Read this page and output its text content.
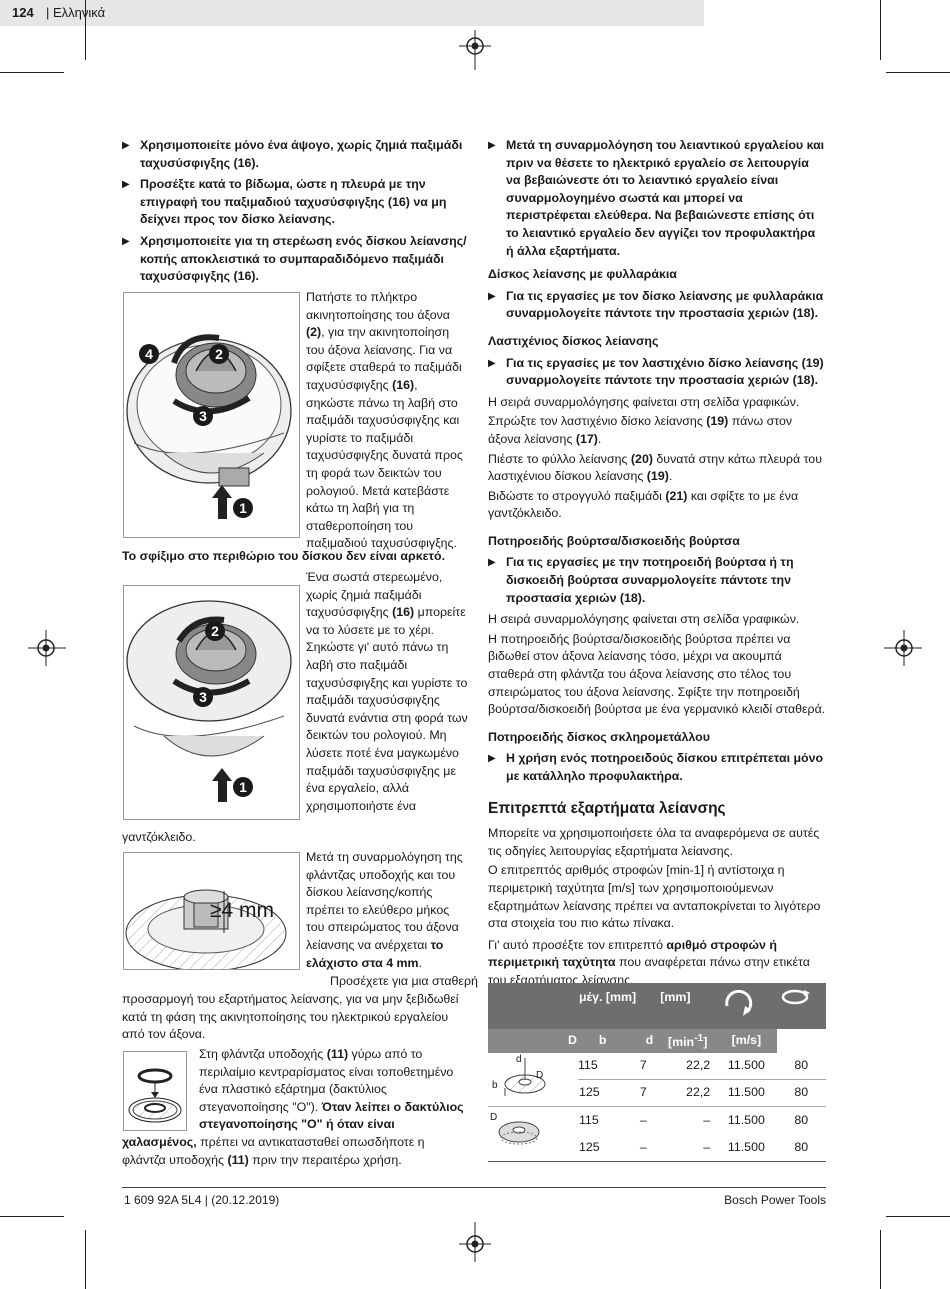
124 | Ελληνικά
▶ Χρησιμοποιείτε μόνο ένα άψογο, χωρίς ζημιά παξιμάδι ταχυσύσφιγξης (16).
▶ Προσέξτε κατά το βίδωμα, ώστε η πλευρά με την επιγραφή του παξιμαδιού ταχυσύσφιγξης (16) να μη δείχνει προς τον δίσκο λείανσης.
▶ Χρησιμοποιείτε για τη στερέωση ενός δίσκου λείανσης/κοπής αποκλειστικά το συμπαραδιδόμενο παξιμάδι ταχυσύσφιγξης (16).
4	2
3
1
Πατήστε το πλήκτρο ακινητοποίησης του άξονα (2), για την ακινητοποίηση του άξονα λείανσης. Για να σφίξετε σταθερά το παξιμάδι ταχυσύσφιγξης (16), σηκώστε πάνω τη λαβή στο παξιμάδι ταχυσύσφιγξης και γυρίστε το παξιμάδι ταχυσύσφιγξης δυνατά προς τη φορά των δεικτών του ρολογιού. Μετά κατεβάστε κάτω τη λαβή για τη σταθεροποίηση του παξιμαδιού ταχυσύσφιγξης.
Το σφίξιμο στο περιθώριο του δίσκου δεν είναι αρκετό.
2
3
1
Ένα σωστά στερεωμένο, χωρίς ζημιά παξιμάδι ταχυσύσφιγξης (16) μπορείτε να το λύσετε με το χέρι. Σηκώστε γι' αυτό πάνω τη λαβή στο παξιμάδι ταχυσύσφιγξης και γυρίστε το παξιμάδι ταχυσύσφιγξης δυνατά ενάντια στη φορά των δεικτών του ρολογιού. Μη λύσετε ποτέ ένα μαγκωμένο παξιμάδι ταχυσύσφιγξης με ένα εργαλείο, αλλά χρησιμοποιήστε ένα
γαντζόκλειδο.
≥4 mm
Μετά τη συναρμολόγηση της φλάντζας υποδοχής και του δίσκου λείανσης/κοπής πρέπει το ελεύθερο μήκος του σπειρώματος του άξονα λείανσης να ανέρχεται το ελάχιστο στα 4 mm.
Προσέχετε για μια σταθερή
προσαρμογή του εξαρτήματος λείανσης, για να μην ξεβιδωθεί κατά τη φάση της ακινητοποίησης του ηλεκτρικού εργαλείου από τον άξονα.
Στη φλάντζα υποδοχής (11) γύρω από το περιλαίμιο κεντραρίσματος είναι τοποθετημένο ένα πλαστικό εξάρτημα (δακτύλιος στεγανοποίησης "O"). Όταν λείπει ο δακτύλιος στεγανοποίησης "O" ή όταν είναι
χαλασμένος, πρέπει να αντικατασταθεί οπωσδήποτε η φλάντζα υποδοχής (11) πριν την περαιτέρω χρήση.
▶ Μετά τη συναρμολόγηση του λειαντικού εργαλείου και πριν να θέσετε το ηλεκτρικό εργαλείο σε λειτουργία να βεβαιώνεστε ότι το λειαντικό εργαλείο είναι συναρμολογημένο σωστά και μπορεί να περιστρέφεται ελεύθερα. Να βεβαιώνεστε επίσης ότι το λειαντικό εργαλείο δεν αγγίζει τον προφυλακτήρα ή άλλα εξαρτήματα.
Δίσκος λείανσης με φυλλαράκια
▶ Για τις εργασίες με τον δίσκο λείανσης με φυλλαράκια συναρμολογείτε πάντοτε την προστασία χεριών (18).
Λαστιχένιος δίσκος λείανσης
▶ Για τις εργασίες με τον λαστιχένιο δίσκο λείανσης (19) συναρμολογείτε πάντοτε την προστασία χεριών (18).

Η σειρά συναρμολόγησης φαίνεται στη σελίδα γραφικών.

Σπρώξτε τον λαστιχένιο δίσκο λείανσης (19) πάνω στον άξονα λείανσης (17).

Πιέστε το φύλλο λείανσης (20) δυνατά στην κάτω πλευρά του λαστιχένιου δίσκου λείανσης (19).

Βιδώστε το στρογγυλό παξιμάδι (21) και σφίξτε το με ένα γαντζόκλειδο.

Ποτηροειδής βούρτσα/δισκοειδής βούρτσα
▶ Για τις εργασίες με την ποτηροειδή βούρτσα ή τη δισκοειδή βούρτσα συναρμολογείτε πάντοτε την προστασία χεριών (18).

Η σειρά συναρμολόγησης φαίνεται στη σελίδα γραφικών.

Η ποτηροειδής βούρτσα/δισκοειδής βούρτσα πρέπει να βιδωθεί στον άξονα λείανσης τόσο, μέχρι να ακουμπά σταθερά στη φλάντζα του άξονα λείανσης στο τέλος του σπειρώματος του άξονα λείανσης. Σφίξτε την ποτηροειδή βούρτσα/δισκοειδή βούρτσα με ένα γερμανικό κλειδί σταθερά.

Ποτηροειδής δίσκος σκληρομετάλλου
▶ Η χρήση ενός ποτηροειδούς δίσκου επιτρέπεται μόνο με κατάλληλο προφυλακτήρα.
Επιτρεπτά εξαρτήματα λείανσης

Μπορείτε να χρησιμοποιήσετε όλα τα αναφερόμενα σε αυτές τις οδηγίες λειτουργίας εξαρτήματα λείανσης.

Ο επιτρεπτός αριθμός στροφών [min-1] ή αντίστοιχα η περιμετρική ταχύτητα [m/s] των χρησιμοποιούμενων εξαρτημάτων λείανσης πρέπει να ανταποκρίνεται το λιγότερο στα στοιχεία του πιο κάτω πίνακα.

Γι' αυτό προσέξτε τον επιτρεπτό αριθμό στροφών ή περιμετρική ταχύτητα που αναφέρεται πάνω στην ετικέτα του εξαρτήματος λείανσης.

	μέγ. [mm]		[mm]		
D	b	d	$[\min^{-1}]$	[m/s]	

d
b
D	115	7	22,2	11.500	80
	125	7	22,2	11.500	80

D	115	–	–	11.500	80
	125	–	–	11.500	80
1 609 92A 5L4 | (20.12.2019)	Bosch Power Tools
